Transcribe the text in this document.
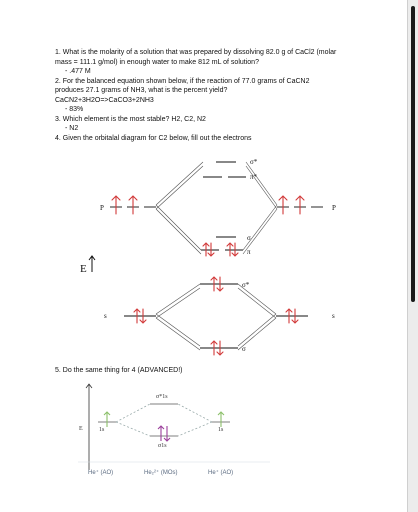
1. What is the molarity of a solution that was prepared by dissolving 82.0 g of CaCl2 (molar
mass = 111.1 g/mol) in enough water to make 812 mL of solution?
- .477 M
2. For the balanced equation shown below, if the reaction of 77.0 grams of CaCN2
produces 27.1 grams of NH3, what is the percent yield?
CaCN2+3H2O=>CaCO3+2NH3
- 83%
3. Which element is the most stable? H2, C2, N2
- N2
4. Given the orbitalal diagram for C2 below, fill out the electrons
σ*
π*
P	P
σ
π
σ*
s	s
σ
E
5. Do the same thing for 4 (ADVANCED!)
σ*1s
σ1s
1s	1s
E
He⁺ (AO)	He₂²⁺ (MOs)	He⁺ (AO)
